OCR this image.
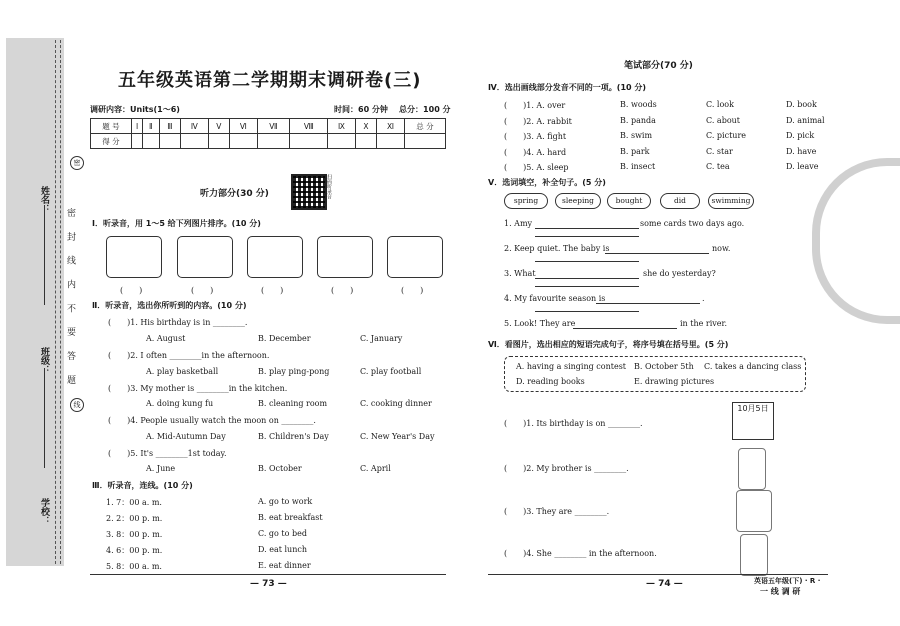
姓名：
班级：
学校：
密 封 线 内 不 要 答 题
密
线
五年级英语第二学期期末调研卷(三)
调研内容：Units(1～6)	时间：60 分钟    总分：100 分
题 号	Ⅰ	Ⅱ	Ⅲ	Ⅳ	Ⅴ	Ⅵ	Ⅶ	Ⅷ	Ⅸ	Ⅹ	Ⅺ	总 分
得 分												
听力部分(30 分)	扫码听录音
Ⅰ．听录音，用 1～5 给下列图片排序。(10 分)
(　　)	(　　)	(　　)	(　　)	(　　)
Ⅱ．听录音，选出你所听到的内容。(10 分)
(　　)1. His birthday is in ________.
A. August	B. December	C. January
(　　)2. I often ________in the afternoon.
A. play basketball	B. play ping-pong	C. play football
(　　)3. My mother is ________in the kitchen.
A. doing kung fu	B. cleaning room	C. cooking dinner
(　　)4. People usually watch the moon on ________.
A. Mid-Autumn Day	B. Children's Day	C. New Year's Day
(　　)5. It's ________1st today.
A. June	B. October	C. April
Ⅲ．听录音，连线。(10 分)
1. 7：00 a. m.	A. go to work
2. 2：00 p. m.	B. eat breakfast
3. 8：00 p. m.	C. go to bed
4. 6：00 p. m.	D. eat lunch
5. 8：00 a. m.	E. eat dinner
— 73 —
笔试部分(70 分)
Ⅳ．选出画线部分发音不同的一项。(10 分)
(　　)1. A. over	B. woods	C. look	D. book
(　　)2. A. rabbit	B. panda	C. about	D. animal
(　　)3. A. fight	B. swim	C. picture	D. pick
(　　)4. A. hard	B. park	C. star	D. have
(　　)5. A. sleep	B. insect	C. tea	D. leave
Ⅴ．选词填空，补全句子。(5 分)
spring	sleeping	bought	did	swimming
1. Amy	some cards two days ago.
2. Keep quiet. The baby is	now.
3. What	she do yesterday?
4. My favourite season is	.
5. Look! They are	in the river.
Ⅵ．看图片，选出相应的短语完成句子，将序号填在括号里。(5 分)
A. having a singing contest B. October 5th C. takes a dancing class
D. reading books	E. drawing pictures
(　　)1. Its birthday is on ________.
10月5日
(　　)2. My brother is ________.
(　　)3. They are ________.
(　　)4. She ________ in the afternoon.
— 74 —	英语五年级(下) · R ·
一 线 调 研
